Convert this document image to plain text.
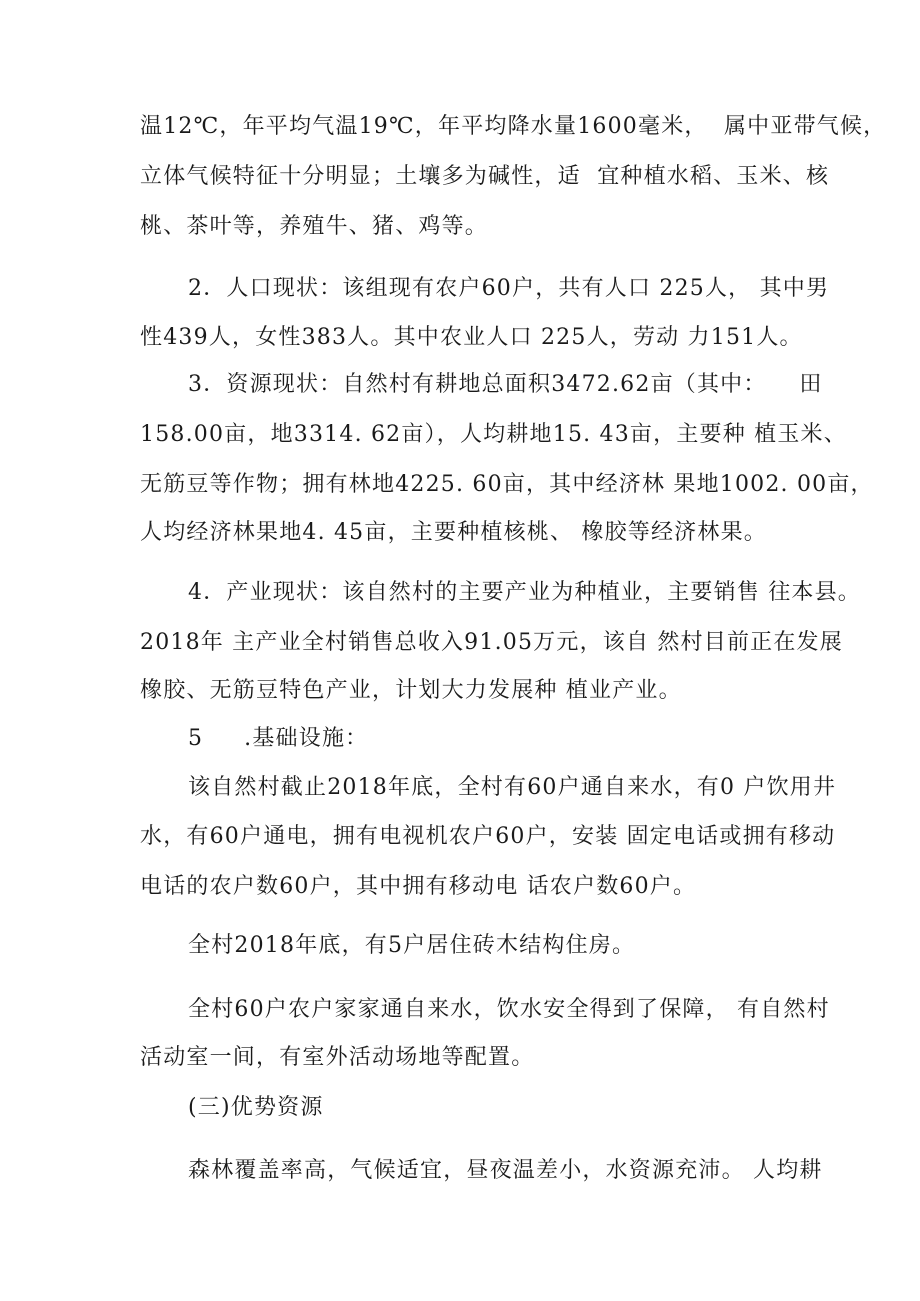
温12℃，年平均气温19℃，年平均降水量1600毫米，  属中亚带气候，
立体气候特征十分明显；土壤多为碱性，适  宜种植水稻、玉米、核
桃、茶叶等，养殖牛、猪、鸡等。
2．人口现状：该组现有农户60户，共有人口 225人， 其中男
性439人，女性383人。其中农业人口 225人，劳动 力151人。
3．资源现状：自然村有耕地总面积3472.62亩（其中：    田
158.00亩，地3314. 62亩），人均耕地15. 43亩，主要种 植玉米、
无筋豆等作物；拥有林地4225. 60亩，其中经济林 果地1002. 00亩，
人均经济林果地4. 45亩，主要种植核桃、 橡胶等经济林果。
4．产业现状：该自然村的主要产业为种植业，主要销售 往本县。
2018年 主产业全村销售总收入91.05万元，该自 然村目前正在发展
橡胶、无筋豆特色产业，计划大力发展种 植业产业。
5     .基础设施：
该自然村截止2018年底，全村有60户通自来水，有0 户饮用井
水，有60户通电，拥有电视机农户60户，安装 固定电话或拥有移动
电话的农户数60户，其中拥有移动电 话农户数60户。
全村2018年底，有5户居住砖木结构住房。
全村60户农户家家通自来水，饮水安全得到了保障， 有自然村
活动室一间，有室外活动场地等配置。
(三)优势资源
森林覆盖率高，气候适宜，昼夜温差小，水资源充沛。 人均耕
